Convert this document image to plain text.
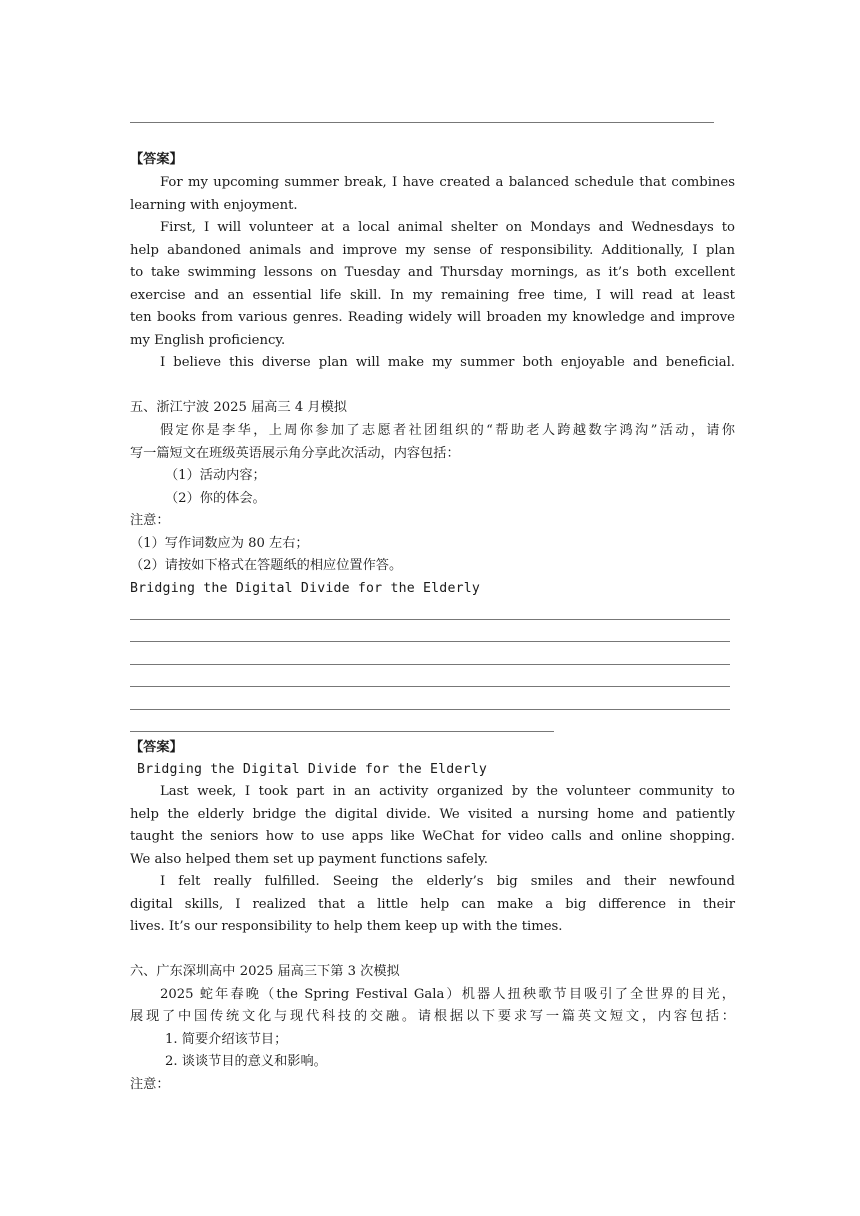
【答案】
For my upcoming summer break, I have created a balanced schedule that combines
learning with enjoyment.
First, I will volunteer at a local animal shelter on Mondays and Wednesdays to
help abandoned animals and improve my sense of responsibility. Additionally, I plan
to take swimming lessons on Tuesday and Thursday mornings, as it’s both excellent
exercise and an essential life skill. In my remaining free time, I will read at least
ten books from various genres. Reading widely will broaden my knowledge and improve
my English proficiency.
I believe this diverse plan will make my summer both enjoyable and beneficial.
五、浙江宁波 2025 届高三 4 月模拟
假定你是李华，上周你参加了志愿者社团组织的“帮助老人跨越数字鸿沟”活动，请你
写一篇短文在班级英语展示角分享此次活动，内容包括：
（1）活动内容；
（2）你的体会。
注意：
（1）写作词数应为 80 左右；
（2）请按如下格式在答题纸的相应位置作答。
Bridging the Digital Divide for the Elderly
【答案】
Bridging the Digital Divide for the Elderly
Last week, I took part in an activity organized by the volunteer community to
help the elderly bridge the digital divide. We visited a nursing home and patiently
taught the seniors how to use apps like WeChat for video calls and online shopping.
We also helped them set up payment functions safely.
I felt really fulfilled. Seeing the elderly’s big smiles and their newfound
digital skills, I realized that a little help can make a big difference in their
lives. It’s our responsibility to help them keep up with the times.
六、广东深圳高中 2025 届高三下第 3 次模拟
2025 蛇年春晚（the Spring Festival Gala）机器人扭秧歌节目吸引了全世界的目光，
展现了中国传统文化与现代科技的交融。请根据以下要求写一篇英文短文，内容包括：
1. 简要介绍该节目；
2. 谈谈节目的意义和影响。
注意：
